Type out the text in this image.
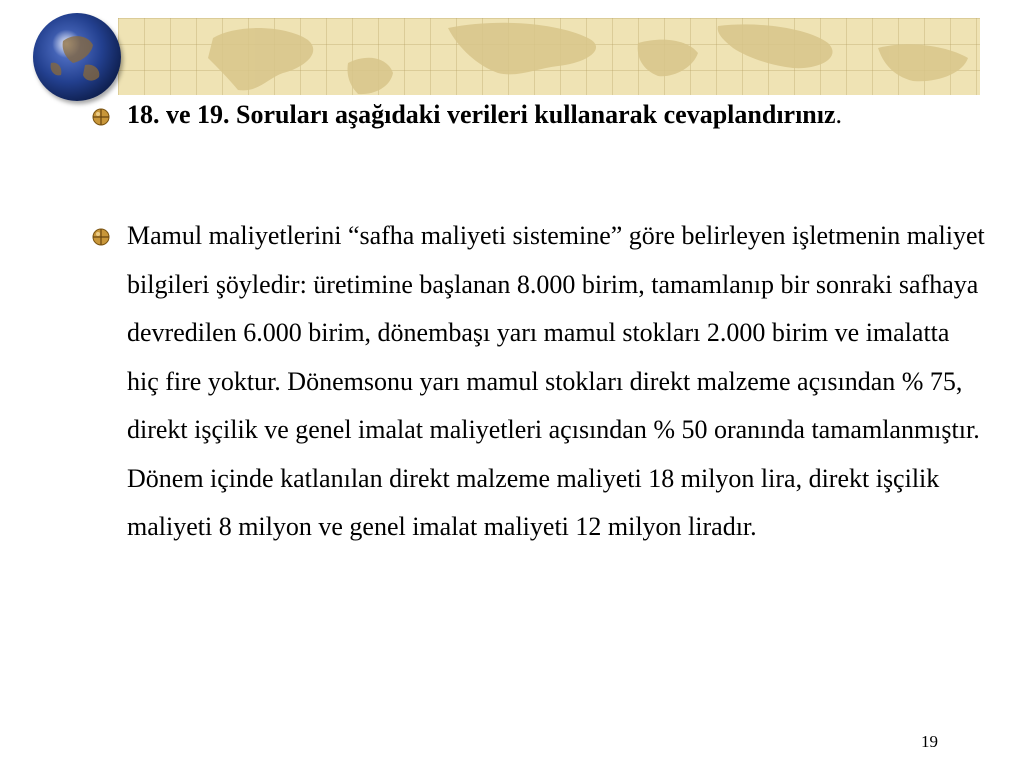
18. ve 19. Soruları aşağıdaki verileri kullanarak cevaplandırınız.
Mamul maliyetlerini “safha maliyeti sistemine” göre belirleyen işletmenin maliyet bilgileri şöyledir: üretimine başlanan 8.000 birim, tamamlanıp bir sonraki safhaya devredilen 6.000 birim, dönembaşı yarı mamul stokları 2.000 birim ve imalatta hiç fire yoktur. Dönemsonu yarı mamul stokları direkt malzeme açısından % 75, direkt işçilik ve genel imalat maliyetleri açısından % 50 oranında tamamlanmıştır. Dönem içinde katlanılan direkt malzeme maliyeti 18 milyon lira, direkt işçilik maliyeti 8 milyon ve genel imalat maliyeti 12 milyon liradır.
19
